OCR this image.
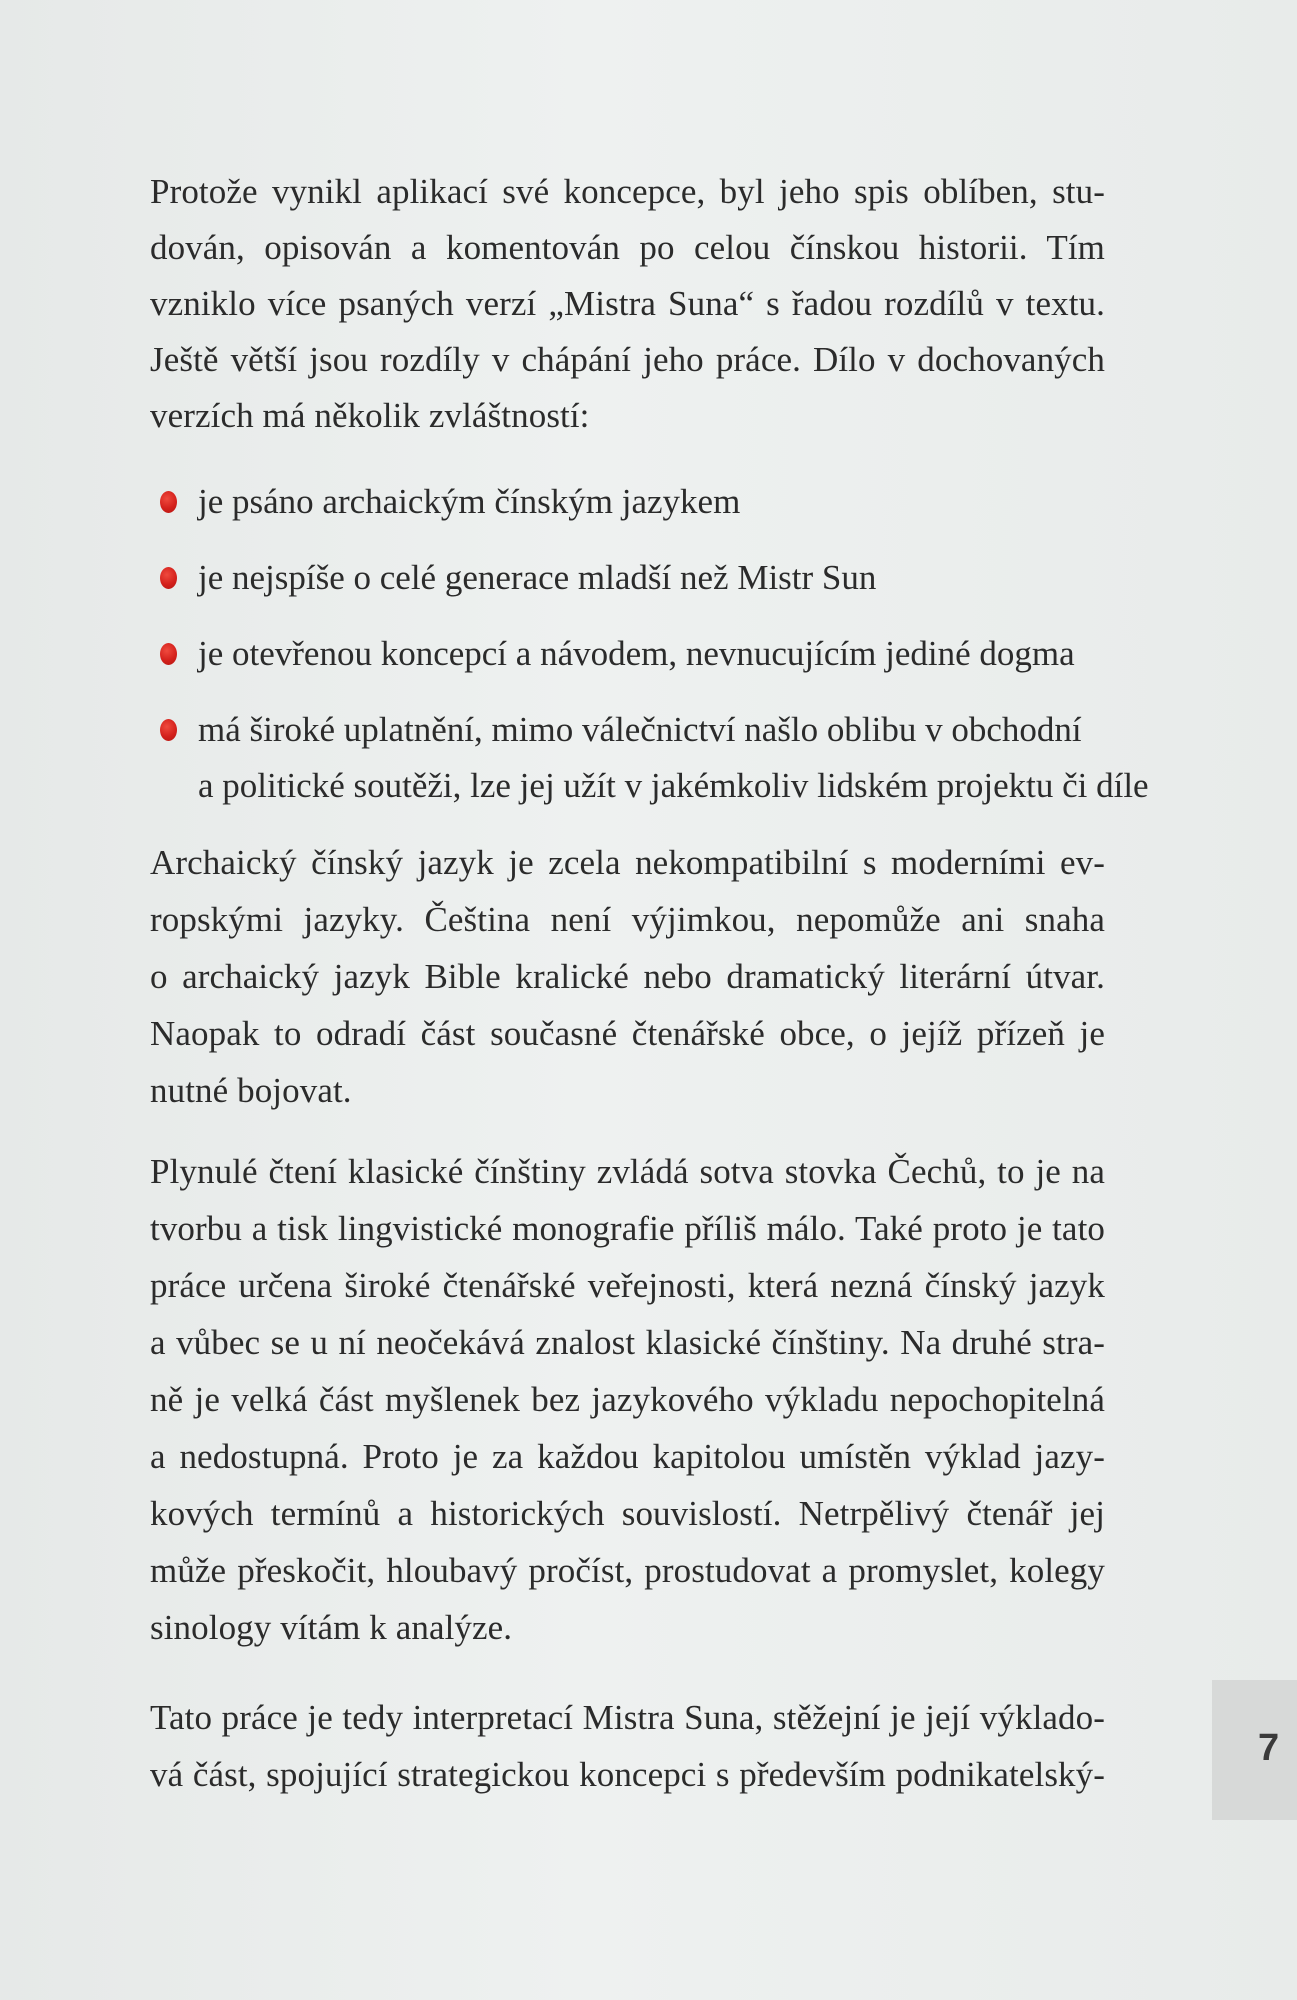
Protože vynikl aplikací své koncepce, byl jeho spis oblíben, stu-
dován, opisován a komentován po celou čínskou historii. Tím
vzniklo více psaných verzí „Mistra Suna“ s řadou rozdílů v textu.
Ještě větší jsou rozdíly v chápání jeho práce. Dílo v dochovaných
verzích má několik zvláštností:
je psáno archaickým čínským jazykem
je nejspíše o celé generace mladší než Mistr Sun
je otevřenou koncepcí a návodem, nevnucujícím jediné dogma
má široké uplatnění, mimo válečnictví našlo oblibu v obchodní
a politické soutěži, lze jej užít v jakémkoliv lidském projektu či díle
Archaický čínský jazyk je zcela nekompatibilní s moderními ev-
ropskými jazyky. Čeština není výjimkou, nepomůže ani snaha
o archaický jazyk Bible kralické nebo dramatický literární útvar.
Naopak to odradí část současné čtenářské obce, o jejíž přízeň je
nutné bojovat.
Plynulé čtení klasické čínštiny zvládá sotva stovka Čechů, to je na
tvorbu a tisk lingvistické monografie příliš málo. Také proto je tato
práce určena široké čtenářské veřejnosti, která nezná čínský jazyk
a vůbec se u ní neočekává znalost klasické čínštiny. Na druhé stra-
ně je velká část myšlenek bez jazykového výkladu nepochopitelná
a nedostupná. Proto je za každou kapitolou umístěn výklad jazy-
kových termínů a historických souvislostí. Netrpělivý čtenář jej
může přeskočit, hloubavý pročíst, prostudovat a promyslet, kolegy
sinology vítám k analýze.
Tato práce je tedy interpretací Mistra Suna, stěžejní je její výklado-
vá část, spojující strategickou koncepci s především podnikatelský-
7
